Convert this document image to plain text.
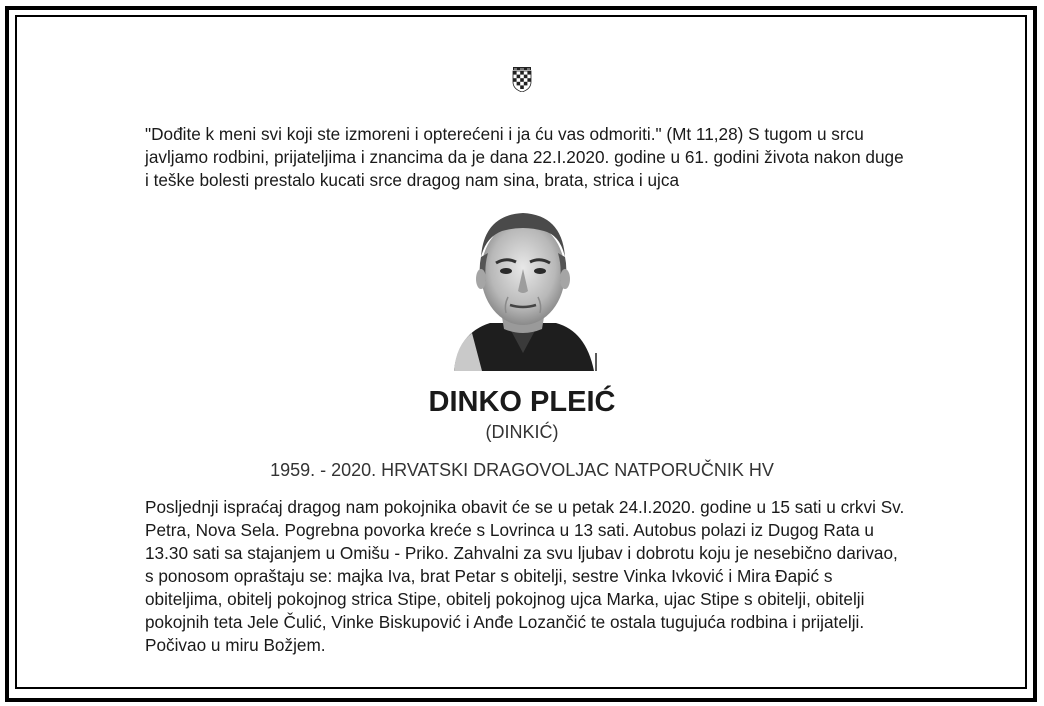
"Dođite k meni svi koji ste izmoreni i opterećeni i ja ću vas odmoriti." (Mt 11,28) S tugom u srcu javljamo rodbini, prijateljima i znancima da je dana 22.I.2020. godine u 61. godini života nakon duge i teške bolesti prestalo kucati srce dragog nam sina, brata, strica i ujca

DINKO PLEIĆ
(DINKIĆ)
1959. - 2020. HRVATSKI DRAGOVOLJAC NATPORUČNIK HV

Posljednji ispraćaj dragog nam pokojnika obavit će se u petak 24.I.2020. godine u 15 sati u crkvi Sv. Petra, Nova Sela. Pogrebna povorka kreće s Lovrinca u 13 sati. Autobus polazi iz Dugog Rata u 13.30 sati sa stajanjem u Omišu - Priko. Zahvalni za svu ljubav i dobrotu koju je nesebično darivao, s ponosom opraštaju se: majka Iva, brat Petar s obitelji, sestre Vinka Ivković i Mira Đapić s obiteljima, obitelj pokojnog strica Stipe, obitelj pokojnog ujca Marka, ujac Stipe s obitelji, obitelji pokojnih teta Jele Čulić, Vinke Biskupović i Anđe Lozančić te ostala tugujuća rodbina i prijatelji. Počivao u miru Božjem.
